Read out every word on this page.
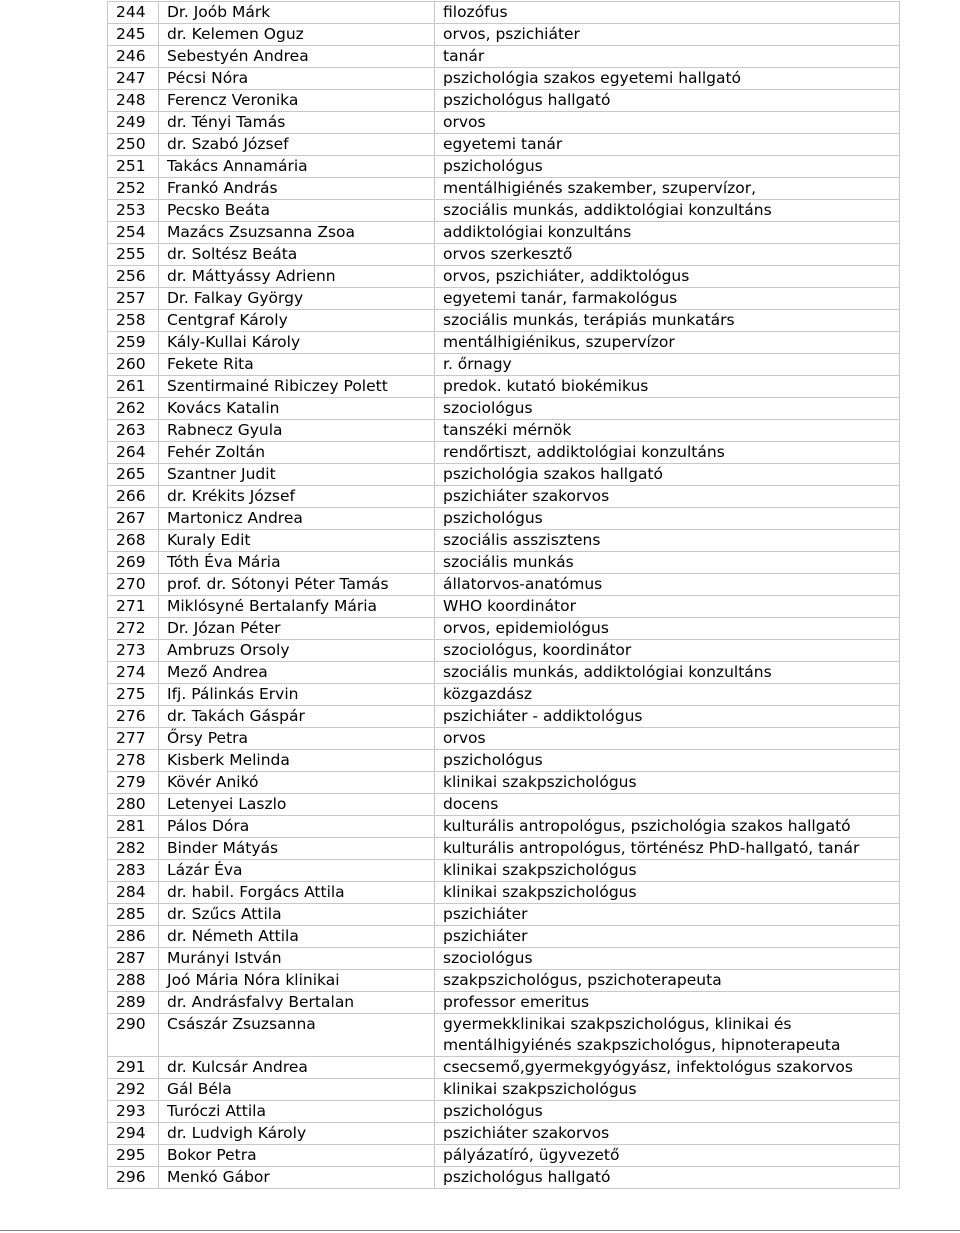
244	Dr. Joób Márk	filozófus
245	dr. Kelemen Oguz	orvos, pszichiáter
246	Sebestyén Andrea	tanár
247	Pécsi Nóra	pszichológia szakos egyetemi hallgató
248	Ferencz Veronika	pszichológus hallgató
249	dr. Tényi Tamás	orvos
250	dr. Szabó József	egyetemi tanár
251	Takács Annamária	pszichológus
252	Frankó András	mentálhigiénés szakember, szupervízor,
253	Pecsko Beáta	szociális munkás, addiktológiai konzultáns
254	Mazács Zsuzsanna Zsoa	addiktológiai konzultáns
255	dr. Soltész Beáta	orvos szerkesztő
256	dr. Máttyássy Adrienn	orvos, pszichiáter, addiktológus
257	Dr. Falkay György	egyetemi tanár, farmakológus
258	Centgraf Károly	szociális munkás, terápiás munkatárs
259	Kály-Kullai Károly	mentálhigiénikus, szupervízor
260	Fekete Rita	r. őrnagy
261	Szentirmainé Ribiczey Polett	predok. kutató biokémikus
262	Kovács Katalin	szociológus
263	Rabnecz Gyula	tanszéki mérnök
264	Fehér Zoltán	rendőrtiszt, addiktológiai konzultáns
265	Szantner Judit	pszichológia szakos hallgató
266	dr. Krékits József	pszichiáter szakorvos
267	Martonicz Andrea	pszichológus
268	Kuraly Edit	szociális asszisztens
269	Tóth Éva Mária	szociális munkás
270	prof. dr. Sótonyi Péter Tamás	állatorvos-anatómus
271	Miklósyné Bertalanfy Mária	WHO koordinátor
272	Dr. Józan Péter	orvos, epidemiológus
273	Ambruzs Orsoly	szociológus, koordinátor
274	Mező Andrea	szociális munkás, addiktológiai konzultáns
275	Ifj. Pálinkás Ervin	közgazdász
276	dr. Takách Gáspár	pszichiáter - addiktológus
277	Őrsy Petra	orvos
278	Kisberk Melinda	pszichológus
279	Kövér Anikó	klinikai szakpszichológus
280	Letenyei Laszlo	docens
281	Pálos Dóra	kulturális antropológus, pszichológia szakos hallgató
282	Binder Mátyás	kulturális antropológus, történész PhD-hallgató, tanár
283	Lázár Éva	klinikai szakpszichológus
284	dr. habil. Forgács Attila	klinikai szakpszichológus
285	dr. Szűcs Attila	pszichiáter
286	dr. Németh Attila	pszichiáter
287	Murányi István	szociológus
288	Joó Mária Nóra klinikai	szakpszichológus, pszichoterapeuta
289	dr. Andrásfalvy Bertalan	professor emeritus
290	Császár Zsuzsanna	gyermekklinikai szakpszichológus, klinikai és mentálhigyiénés szakpszichológus, hipnoterapeuta
291	dr. Kulcsár Andrea	csecsemő,gyermekgyógyász, infektológus szakorvos
292	Gál Béla	klinikai szakpszichológus
293	Turóczi Attila	pszichológus
294	dr. Ludvigh Károly	pszichiáter szakorvos
295	Bokor Petra	pályázatíró, ügyvezető
296	Menkó Gábor	pszichológus hallgató
